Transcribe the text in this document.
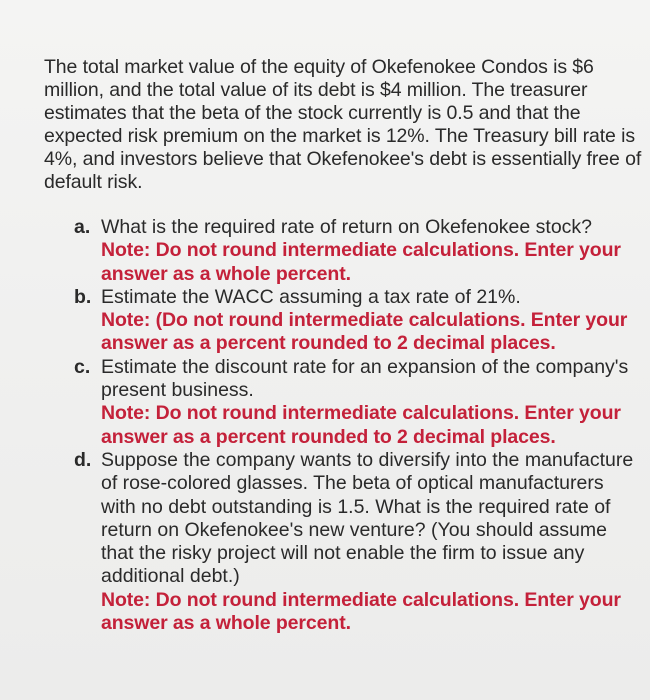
The total market value of the equity of Okefenokee Condos is $6 million, and the total value of its debt is $4 million. The treasurer estimates that the beta of the stock currently is 0.5 and that the expected risk premium on the market is 12%. The Treasury bill rate is 4%, and investors believe that Okefenokee's debt is essentially free of default risk.

a. What is the required rate of return on Okefenokee stock?
Note: Do not round intermediate calculations. Enter your answer as a whole percent.
b. Estimate the WACC assuming a tax rate of 21%.
Note: (Do not round intermediate calculations. Enter your answer as a percent rounded to 2 decimal places.
c. Estimate the discount rate for an expansion of the company's present business.
Note: Do not round intermediate calculations. Enter your answer as a percent rounded to 2 decimal places.
d. Suppose the company wants to diversify into the manufacture of rose-colored glasses. The beta of optical manufacturers with no debt outstanding is 1.5. What is the required rate of return on Okefenokee's new venture? (You should assume that the risky project will not enable the firm to issue any additional debt.)
Note: Do not round intermediate calculations. Enter your answer as a whole percent.
